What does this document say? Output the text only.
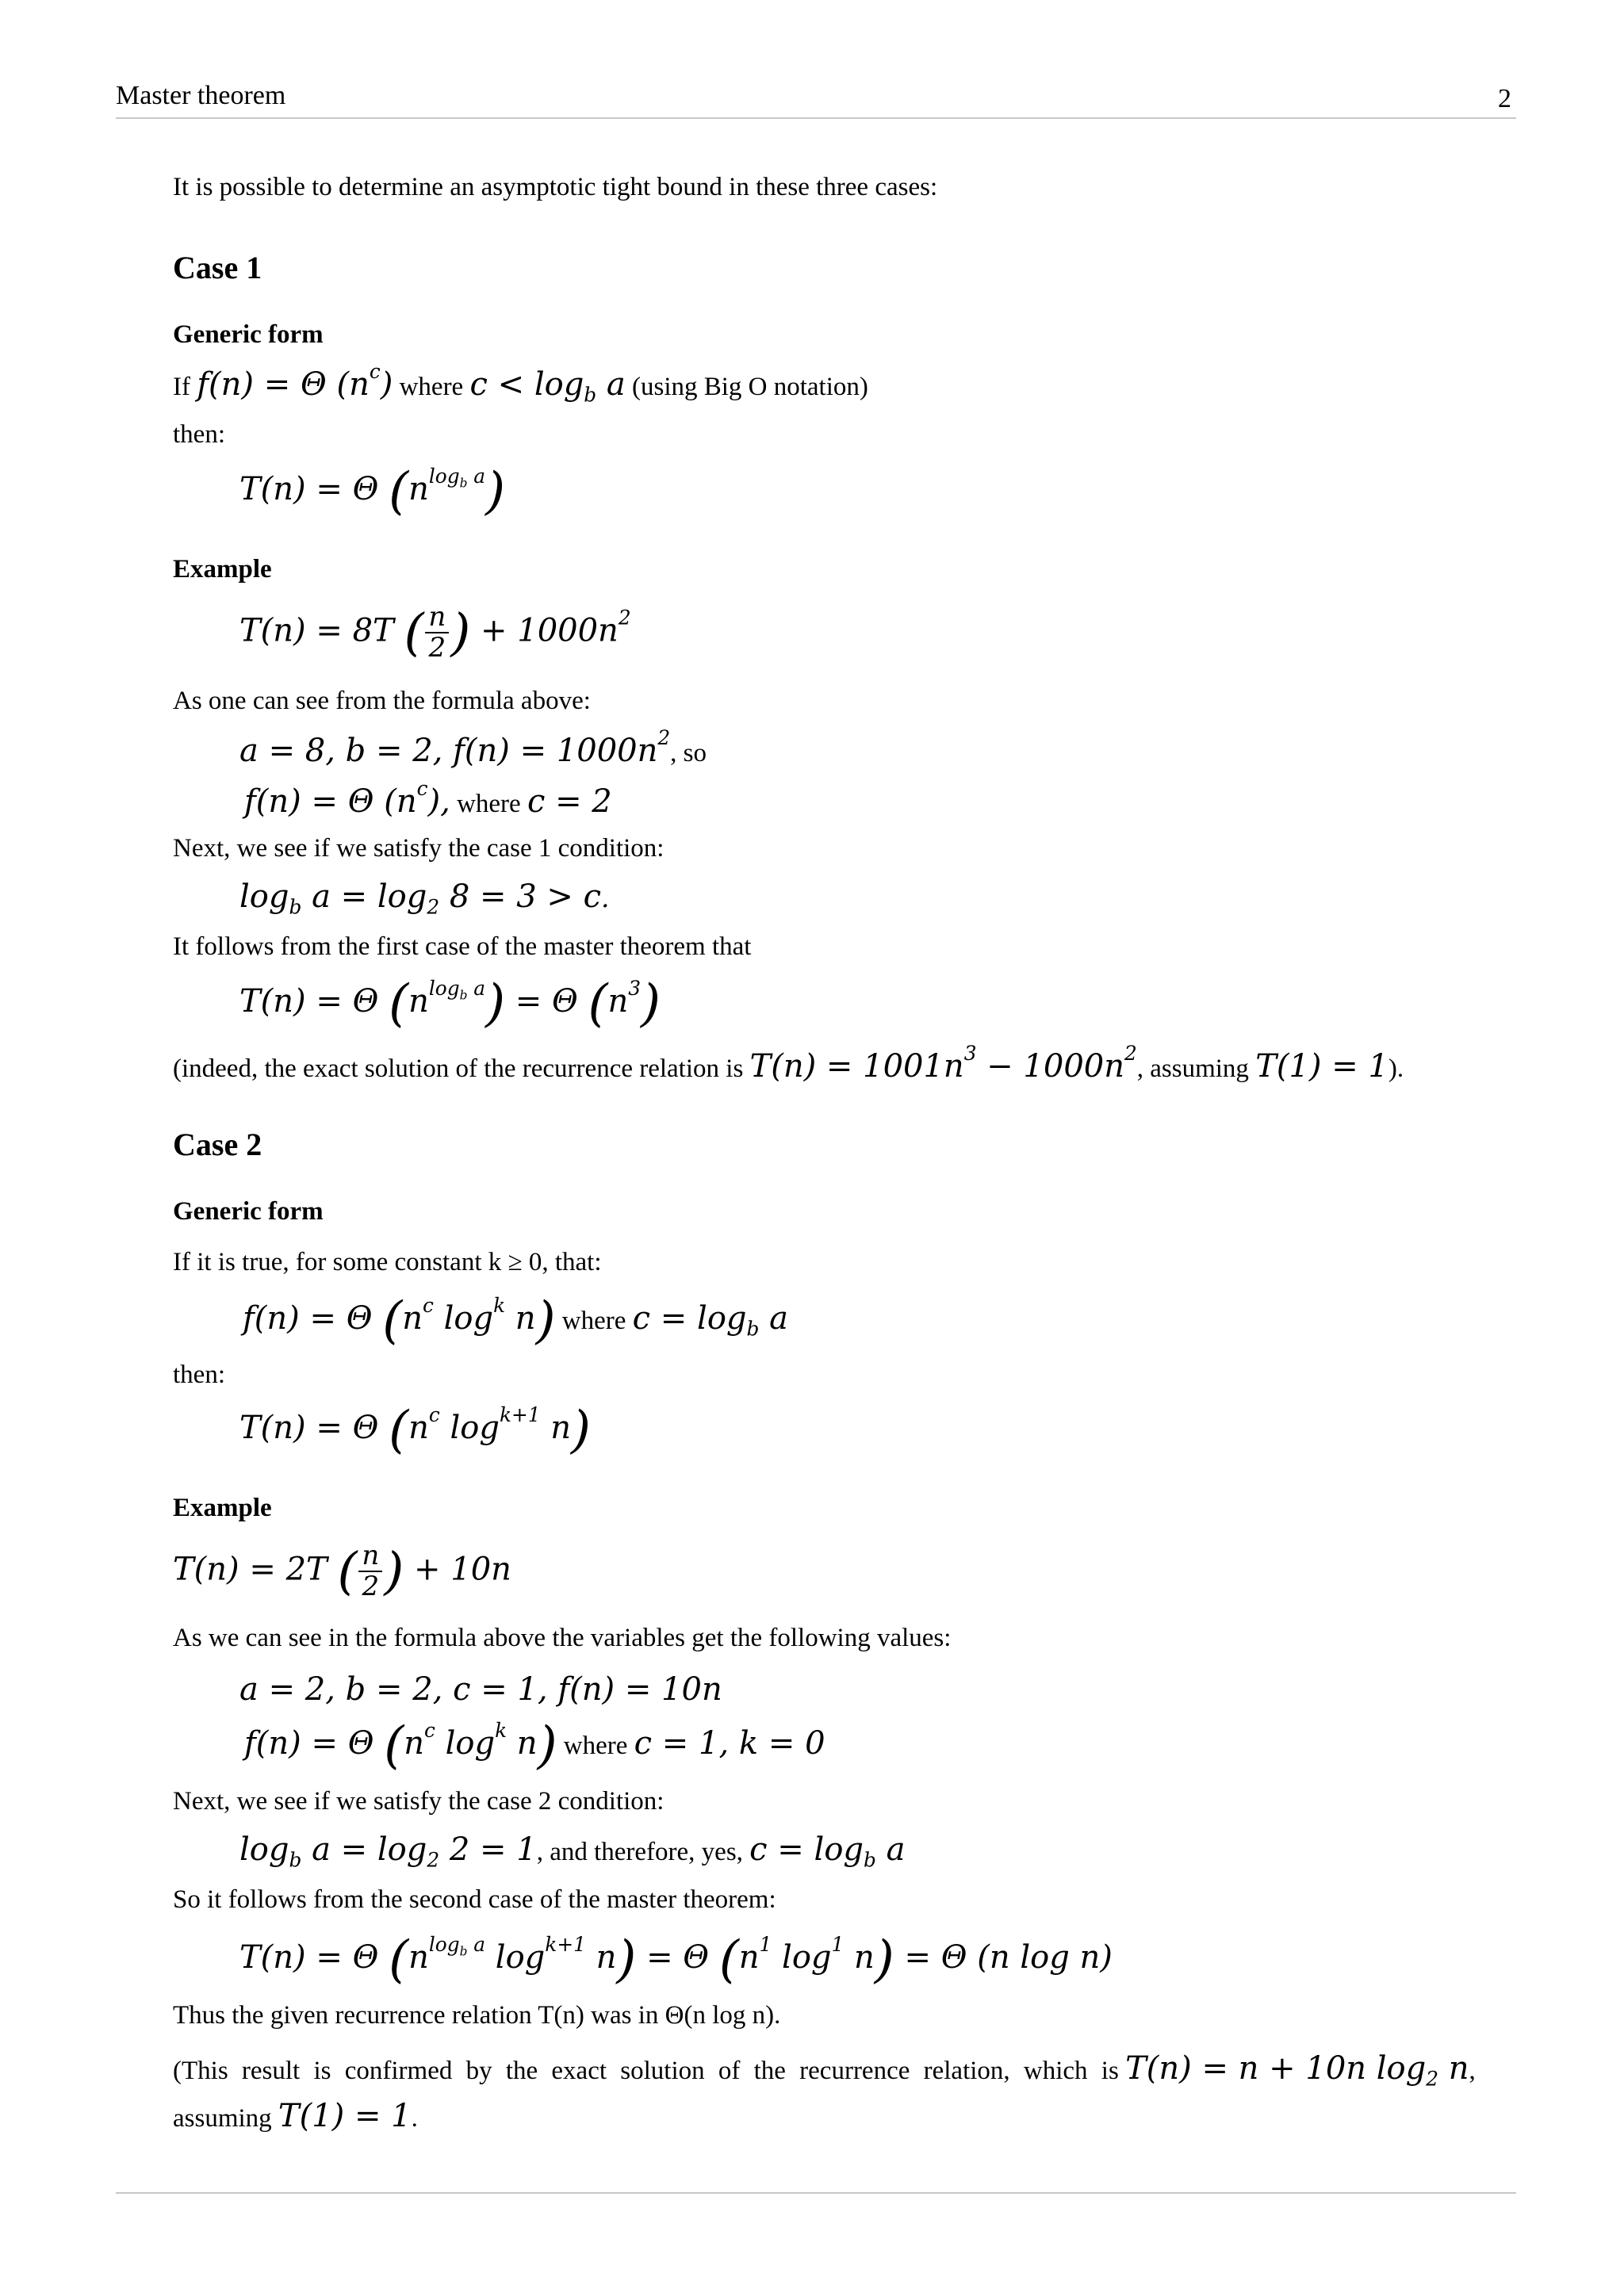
Master theorem	2
It is possible to determine an asymptotic tight bound in these three cases:
Case 1
Generic form
If f(n) = Θ $(n^c)$ where $c < \log_b a$ (using Big O notation)
then:
T(n) = Θ $(n^{log_b a})$
Example
T(n) = 8T ( $\frac{n}{2}$ ) + $1000n^2$
As one can see from the formula above:
a = 8, b = 2, $f(n) = 1000n^2$, so
f(n) = Θ $(n^c)$, where c = 2
Next, we see if we satisfy the case 1 condition:
$\log_b a = \log_2 8 = 3 > c$.
It follows from the first case of the master theorem that
T(n) = Θ $(n^{log_b a}) = \Theta$ $(n^3)$
(indeed, the exact solution of the recurrence relation is $T(n) = 1001n^3 - 1000n^2$, assuming T(1) = 1).
Case 2
Generic form
If it is true, for some constant k ≥ 0, that:
f(n) = Θ ($n^c$ $\log^k n$) where $c = \log_b a$
then:
T(n) = Θ ($n^c$ $\log^{k+1} n$)
Example
T(n) = 2T ( $\frac{n}{2}$ ) + 10n
As we can see in the formula above the variables get the following values:
a = 2, b = 2, c = 1, f(n) = 10n
f(n) = Θ ($n^c$ $\log^k n$) where c = 1, k = 0
Next, we see if we satisfy the case 2 condition:
$\log_b a = \log_2 2 = 1$, and therefore, yes, $c = \log_b a$
So it follows from the second case of the master theorem:
T(n) = Θ ($n^{log_b a}$ $\log^{k+1} n) = \Theta$ ($n^1$ $\log^1 n) = \Theta$ (n log n)
Thus the given recurrence relation T(n) was in Θ(n log n).
(This result is confirmed by the exact solution of the recurrence relation, which is T(n) = n + 10n $\log_2 n$,
assuming T(1) = 1.
